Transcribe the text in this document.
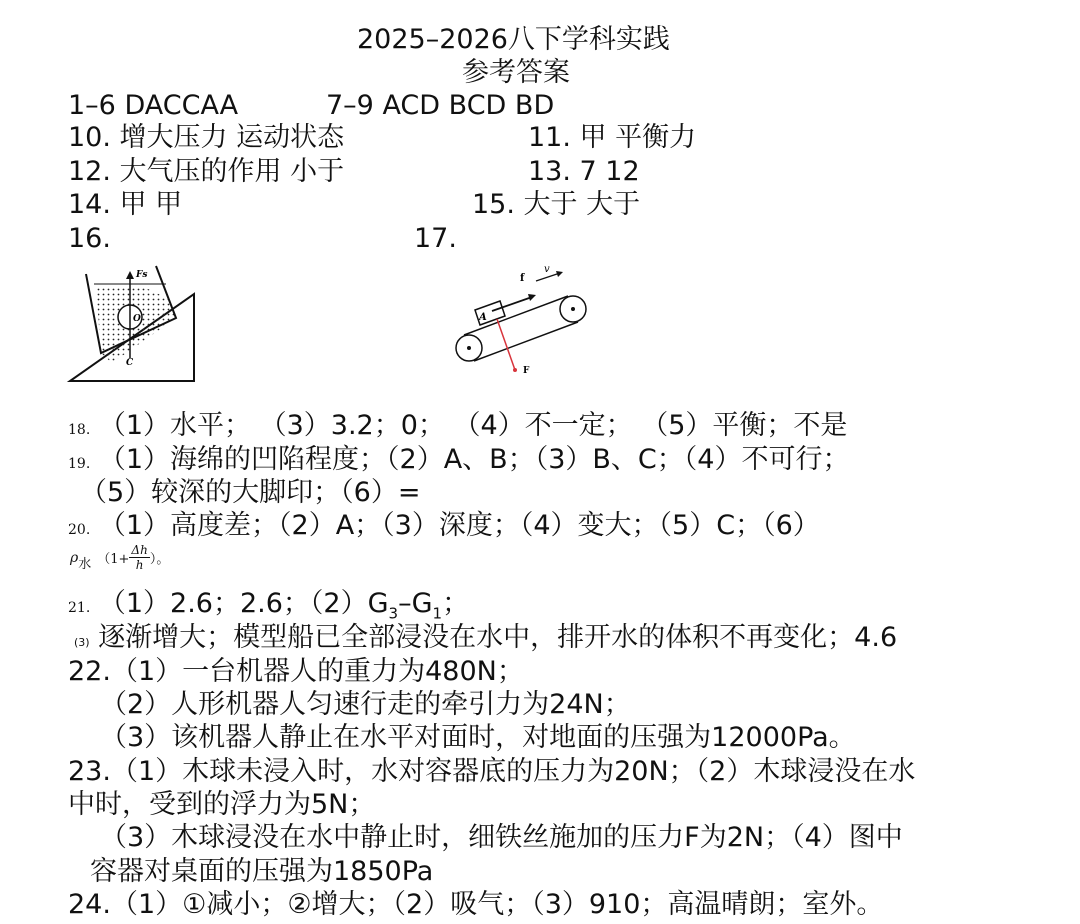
2025–2026八下学科实践
参考答案
1–6 DACCAA	7–9 ACD BCD BD
10. 增大压力 运动状态	11. 甲 平衡力
12. 大气压的作用 小于	13. 7 12
14. 甲 甲	15. 大于 大于
16.	17.
Fs
O
C
A
f
v
F
18. （1）水平； （3）3.2；0； （4）不一定； （5）平衡；不是
19. （1）海绵的凹陷程度；（2）A、B；（3）B、C；（4）不可行；
（5）较深的大脚印；（6）=
20. （1）高度差；（2）A；（3）深度；（4）变大；（5）C；（6）
ρ 水 （$1+ \frac{\Delta h}{h}$ ）。
21. （1）2.6；2.6；$(2)G_3-G_1$；
(3) 逐渐增大；模型船已全部浸没在水中，排开水的体积不再变化；4.6
22.（1）一台机器人的重力为480N；
（2）人形机器人匀速行走的牵引力为24N；
（3）该机器人静止在水平对面时，对地面的压强为12000Pa。
23.（1）木球未浸入时，水对容器底的压力为20N；（2）木球浸没在水
中时，受到的浮力为5N；
（3）木球浸没在水中静止时，细铁丝施加的压力F为2N；（4）图中
容器对桌面的压强为1850Pa
24.（1）①减小；②增大；（2）吸气；（3）910；高温晴朗；室外。
